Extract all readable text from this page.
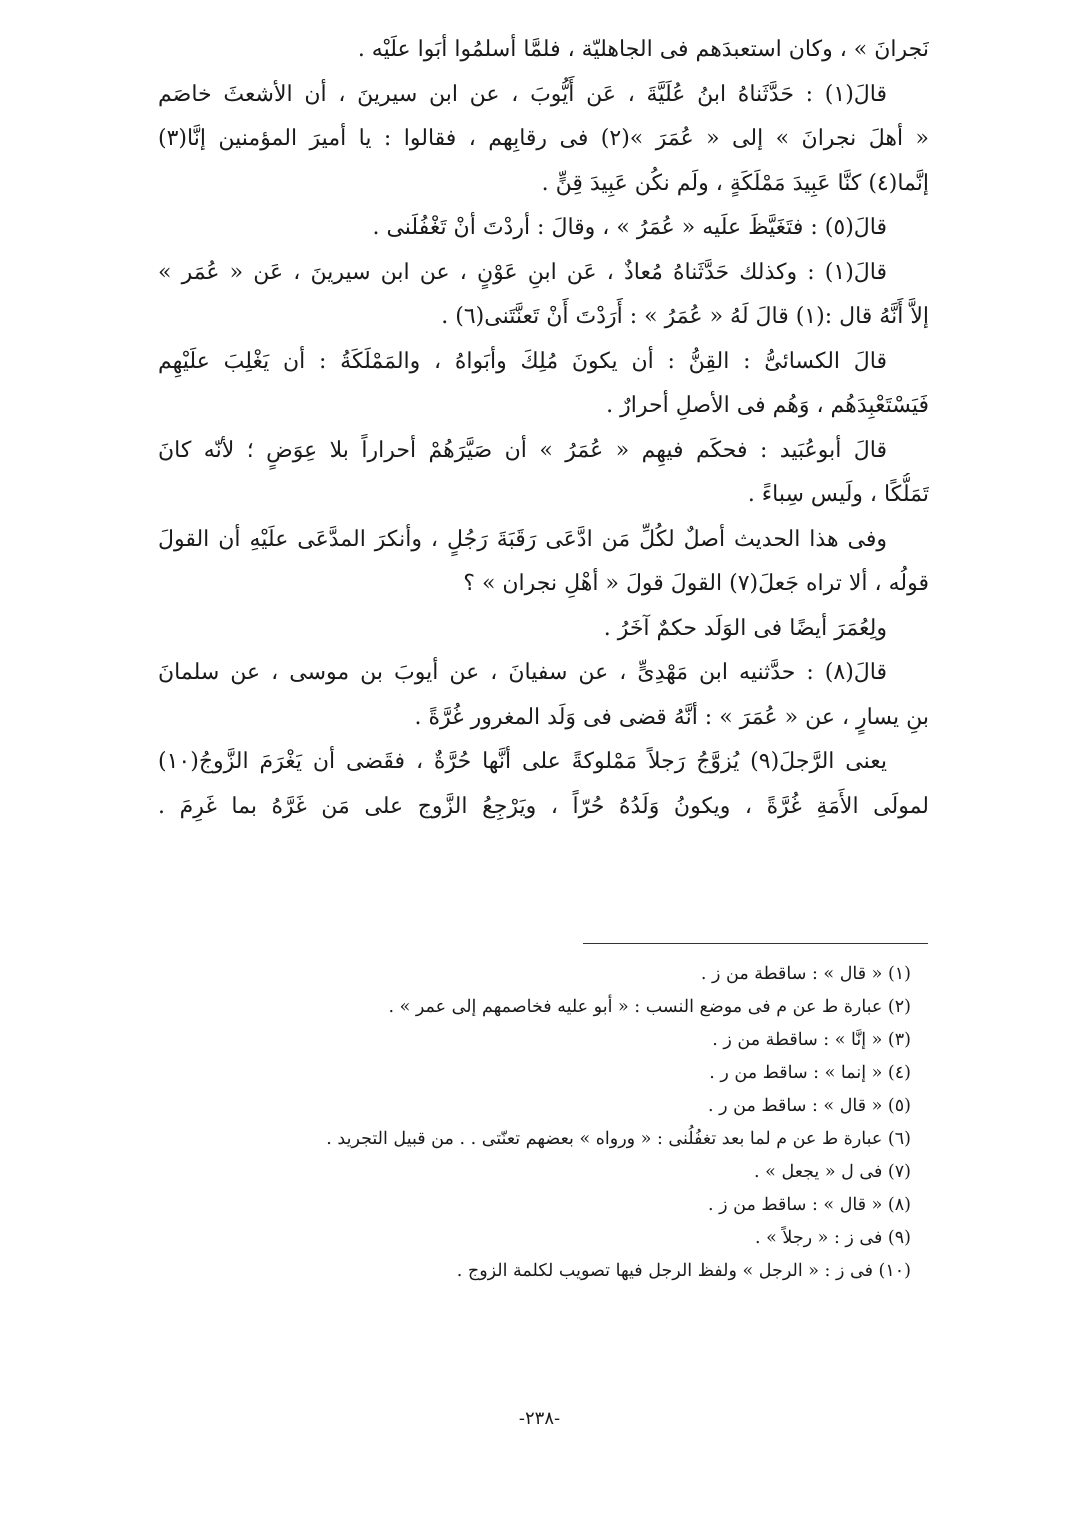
نَجرانَ » ، وكان استعبدَهم فى الجاهليّة ، فلمَّا أسلمُوا أبَوا علَيْه .
قالَ(١) : حَدَّثَناهُ ابنُ عُلَيَّةَ ، عَن أَيُّوبَ ، عن ابن سيرينَ ، أن الأشعثَ خاصَم
« أهلَ نجرانَ » إلى « عُمَرَ »(٢) فى رقابِهم ، فقالوا : يا أميرَ المؤمنين إنَّا(٣)
إنَّما(٤) كنَّا عَبِيدَ مَمْلَكَةٍ ، ولَم نكُن عَبِيدَ قِنٍّ .
قالَ(٥) : فتَغَيَّظَ علَيه « عُمَرُ » ، وقالَ : أردْتَ أنْ تَغْفُلَنى .
قالَ(١) : وكذلك حَدَّثَناهُ مُعاذٌ ، عَن ابنِ عَوْنٍ ، عن ابن سيرينَ ، عَن « عُمَر »
إلاَّ أَنَّهُ قال :(١) قالَ لَهُ « عُمَرُ » : أَرَدْتَ أَنْ تَعنَّتَنى(٦) .
قالَ الكسائىُّ : القِنُّ : أن يكونَ مُلِكَ وأبَواهُ ، والمَمْلَكَةُ : أن يَغْلِبَ علَيْهِم
فَيَسْتَعْبِدَهُم ، وَهُم فى الأصلِ أحرارٌ .
قالَ أبوعُبَيد : فحكَم فيهِم « عُمَرُ » أن صَيَّرَهُمْ أحراراً بلا عِوَضٍ ؛ لأنّه كانَ
تَمَلُّكًا ، ولَيس سِباءً .
وفى هذا الحديث أصلٌ لكُلِّ مَن ادَّعَى رَقَبَةَ رَجُلٍ ، وأنكرَ المدَّعَى علَيْهِ أن القولَ
قولُه ، ألا تراه جَعلَ(٧) القولَ قولَ « أهْلِ نجران » ؟
ولِعُمَرَ أيضًا فى الوَلَد حكمٌ آخَرُ .
قالَ(٨) : حدَّثنيه ابن مَهْدِىٍّ ، عن سفيانَ ، عن أيوبَ بن موسى ، عن سلمانَ
بنِ يسارٍ ، عن « عُمَرَ » : أنَّهُ قضى فى وَلَد المغرور غُرَّةً .
يعنى الرَّجلَ(٩) يُزوَّجُ رَجلاً مَمْلوكةً على أنَّها حُرَّةٌ ، فقَضى أن يَغْرَمَ الزَّوجُ(١٠)
لمولَى الأَمَةِ غُرَّةً ، ويكونُ وَلَدُهُ حُرّاً ، ويَرْجِعُ الزَّوج على مَن غَرَّهُ بما غَرِمَ .
(١) « قال » : ساقطة من ز .
(٢) عبارة ط عن م فى موضع النسب : « أبو عليه فخاصمهم إلى عمر » .
(٣) « إنَّا » : ساقطة من ز .
(٤) « إنما » : ساقط من ر .
(٥) « قال » : ساقط من ر .
(٦) عبارة ط عن م لما بعد تغفُلُنى : « ورواه » بعضهم تعنّتى . . من قبيل التجريد .
(٧) فى ل « يجعل » .
(٨) « قال » : ساقط من ز .
(٩) فى ز : « رجلاً » .
(١٠) فى ز : « الرجل » ولفظ الرجل فيها تصويب لكلمة الزوج .
-٢٣٨-
